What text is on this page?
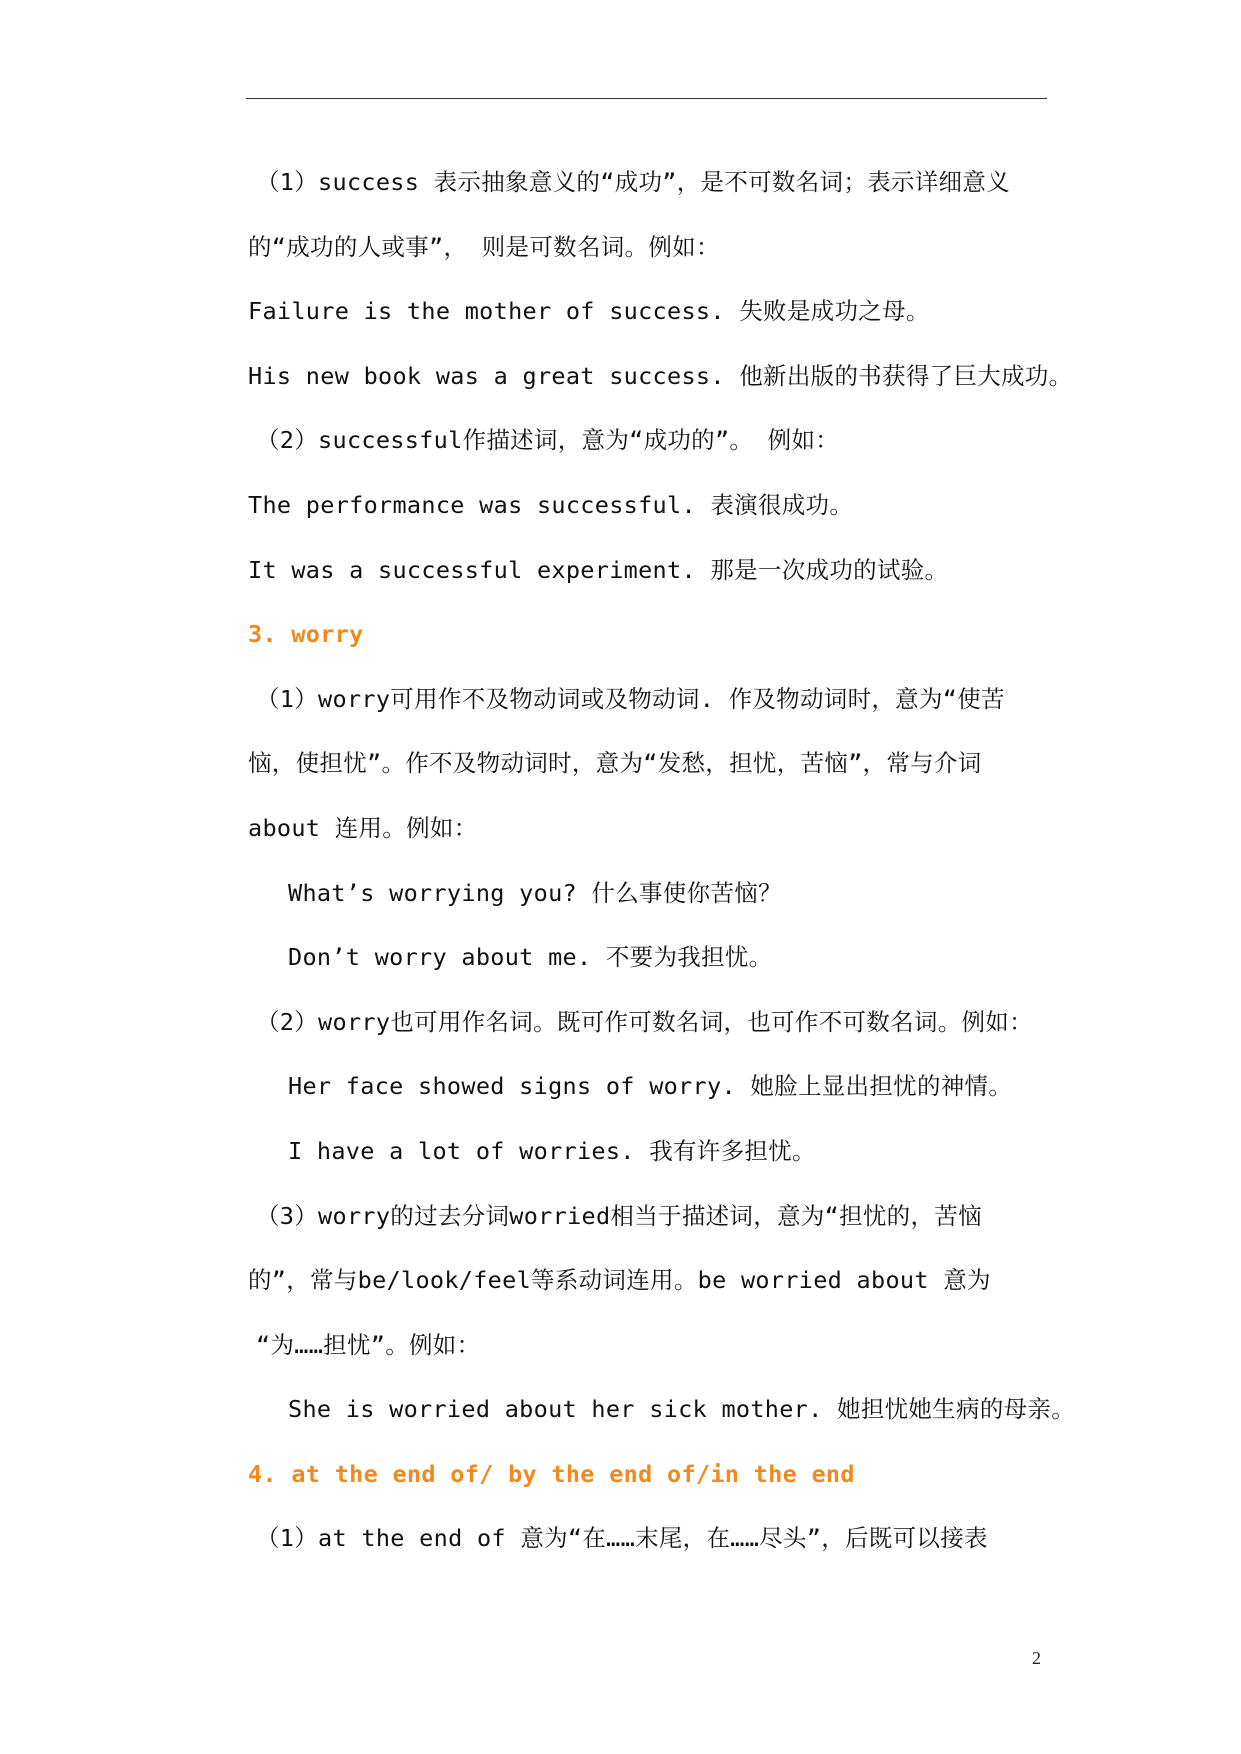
（1）success 表示抽象意义的“成功”，是不可数名词；表示详细意义
的“成功的人或事”， 则是可数名词。例如：
Failure is the mother of success. 失败是成功之母。
His new book was a great success. 他新出版的书获得了巨大成功。
（2）successful作描述词，意为“成功的”。 例如：
The performance was successful. 表演很成功。
It was a successful experiment. 那是一次成功的试验。
3. worry
（1）worry可用作不及物动词或及物动词. 作及物动词时，意为“使苦
恼，使担忧”。作不及物动词时，意为“发愁，担忧，苦恼”，常与介词
about 连用。例如：
What’s worrying you? 什么事使你苦恼？
Don’t worry about me. 不要为我担忧。
（2）worry也可用作名词。既可作可数名词，也可作不可数名词。例如：
Her face showed signs of worry. 她脸上显出担忧的神情。
I have a lot of worries. 我有许多担忧。
（3）worry的过去分词worried相当于描述词，意为“担忧的，苦恼
的”，常与be/look/feel等系动词连用。be worried about 意为
“为……担忧”。例如：
She is worried about her sick mother. 她担忧她生病的母亲。
4. at the end of/ by the end of/in the end
（1）at the end of 意为“在……末尾，在……尽头”，后既可以接表
2
